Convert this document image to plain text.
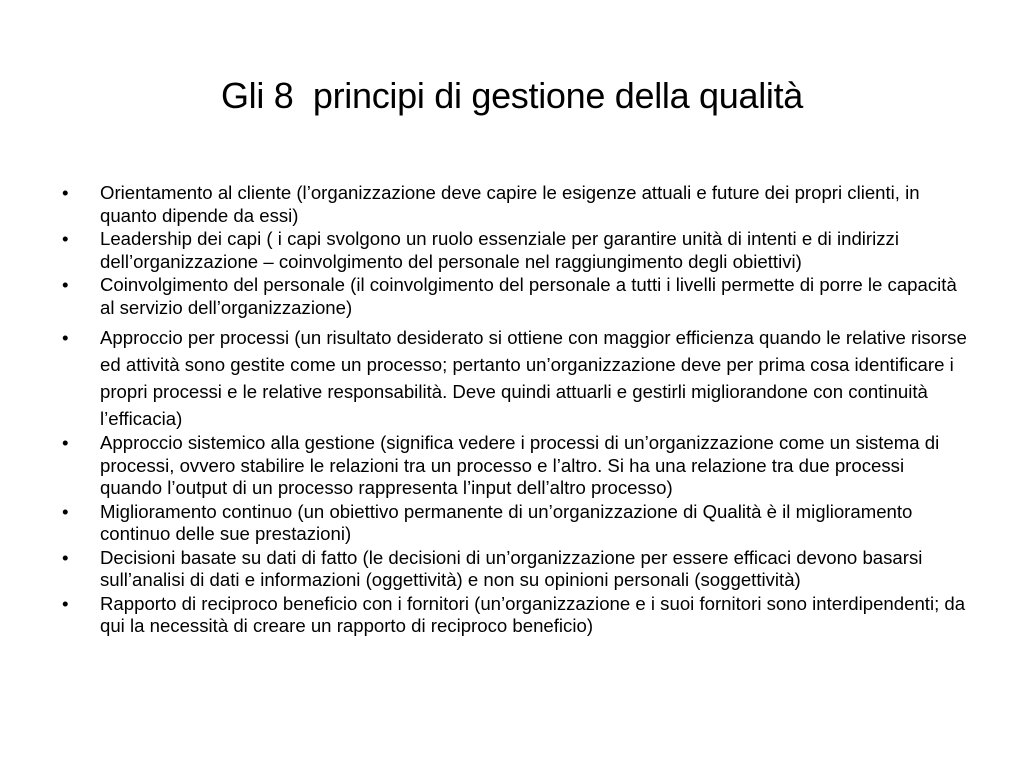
Gli 8  principi di gestione della qualità
• Orientamento al cliente (l’organizzazione deve capire le esigenze attuali e future dei propri clienti, in quanto dipende da essi)
• Leadership dei capi ( i capi svolgono un ruolo essenziale per garantire unità di intenti e di indirizzi dell’organizzazione – coinvolgimento del personale nel raggiungimento degli obiettivi)
• Coinvolgimento del personale (il coinvolgimento del personale a tutti i livelli permette di porre le capacità al servizio dell’organizzazione)
• Approccio per processi (un risultato desiderato si ottiene con maggior efficienza quando le relative risorse ed attività sono gestite come un processo; pertanto un’organizzazione deve per prima cosa identificare i propri processi e le relative responsabilità. Deve quindi attuarli e gestirli migliorandone con continuità l’efficacia)
• Approccio sistemico alla gestione (significa vedere i processi di un’organizzazione come un sistema di processi, ovvero stabilire le relazioni tra un processo e l’altro. Si ha una relazione tra due processi quando l’output di un processo rappresenta l’input dell’altro processo)
• Miglioramento continuo (un obiettivo permanente di un’organizzazione di Qualità è il miglioramento continuo delle sue prestazioni)
• Decisioni basate su dati di fatto (le decisioni di un’organizzazione per essere efficaci devono basarsi sull’analisi di dati e informazioni (oggettività) e non su opinioni personali (soggettività)
• Rapporto di reciproco beneficio con i fornitori (un’organizzazione e i suoi fornitori sono interdipendenti; da qui la necessità di creare un rapporto di reciproco beneficio)
